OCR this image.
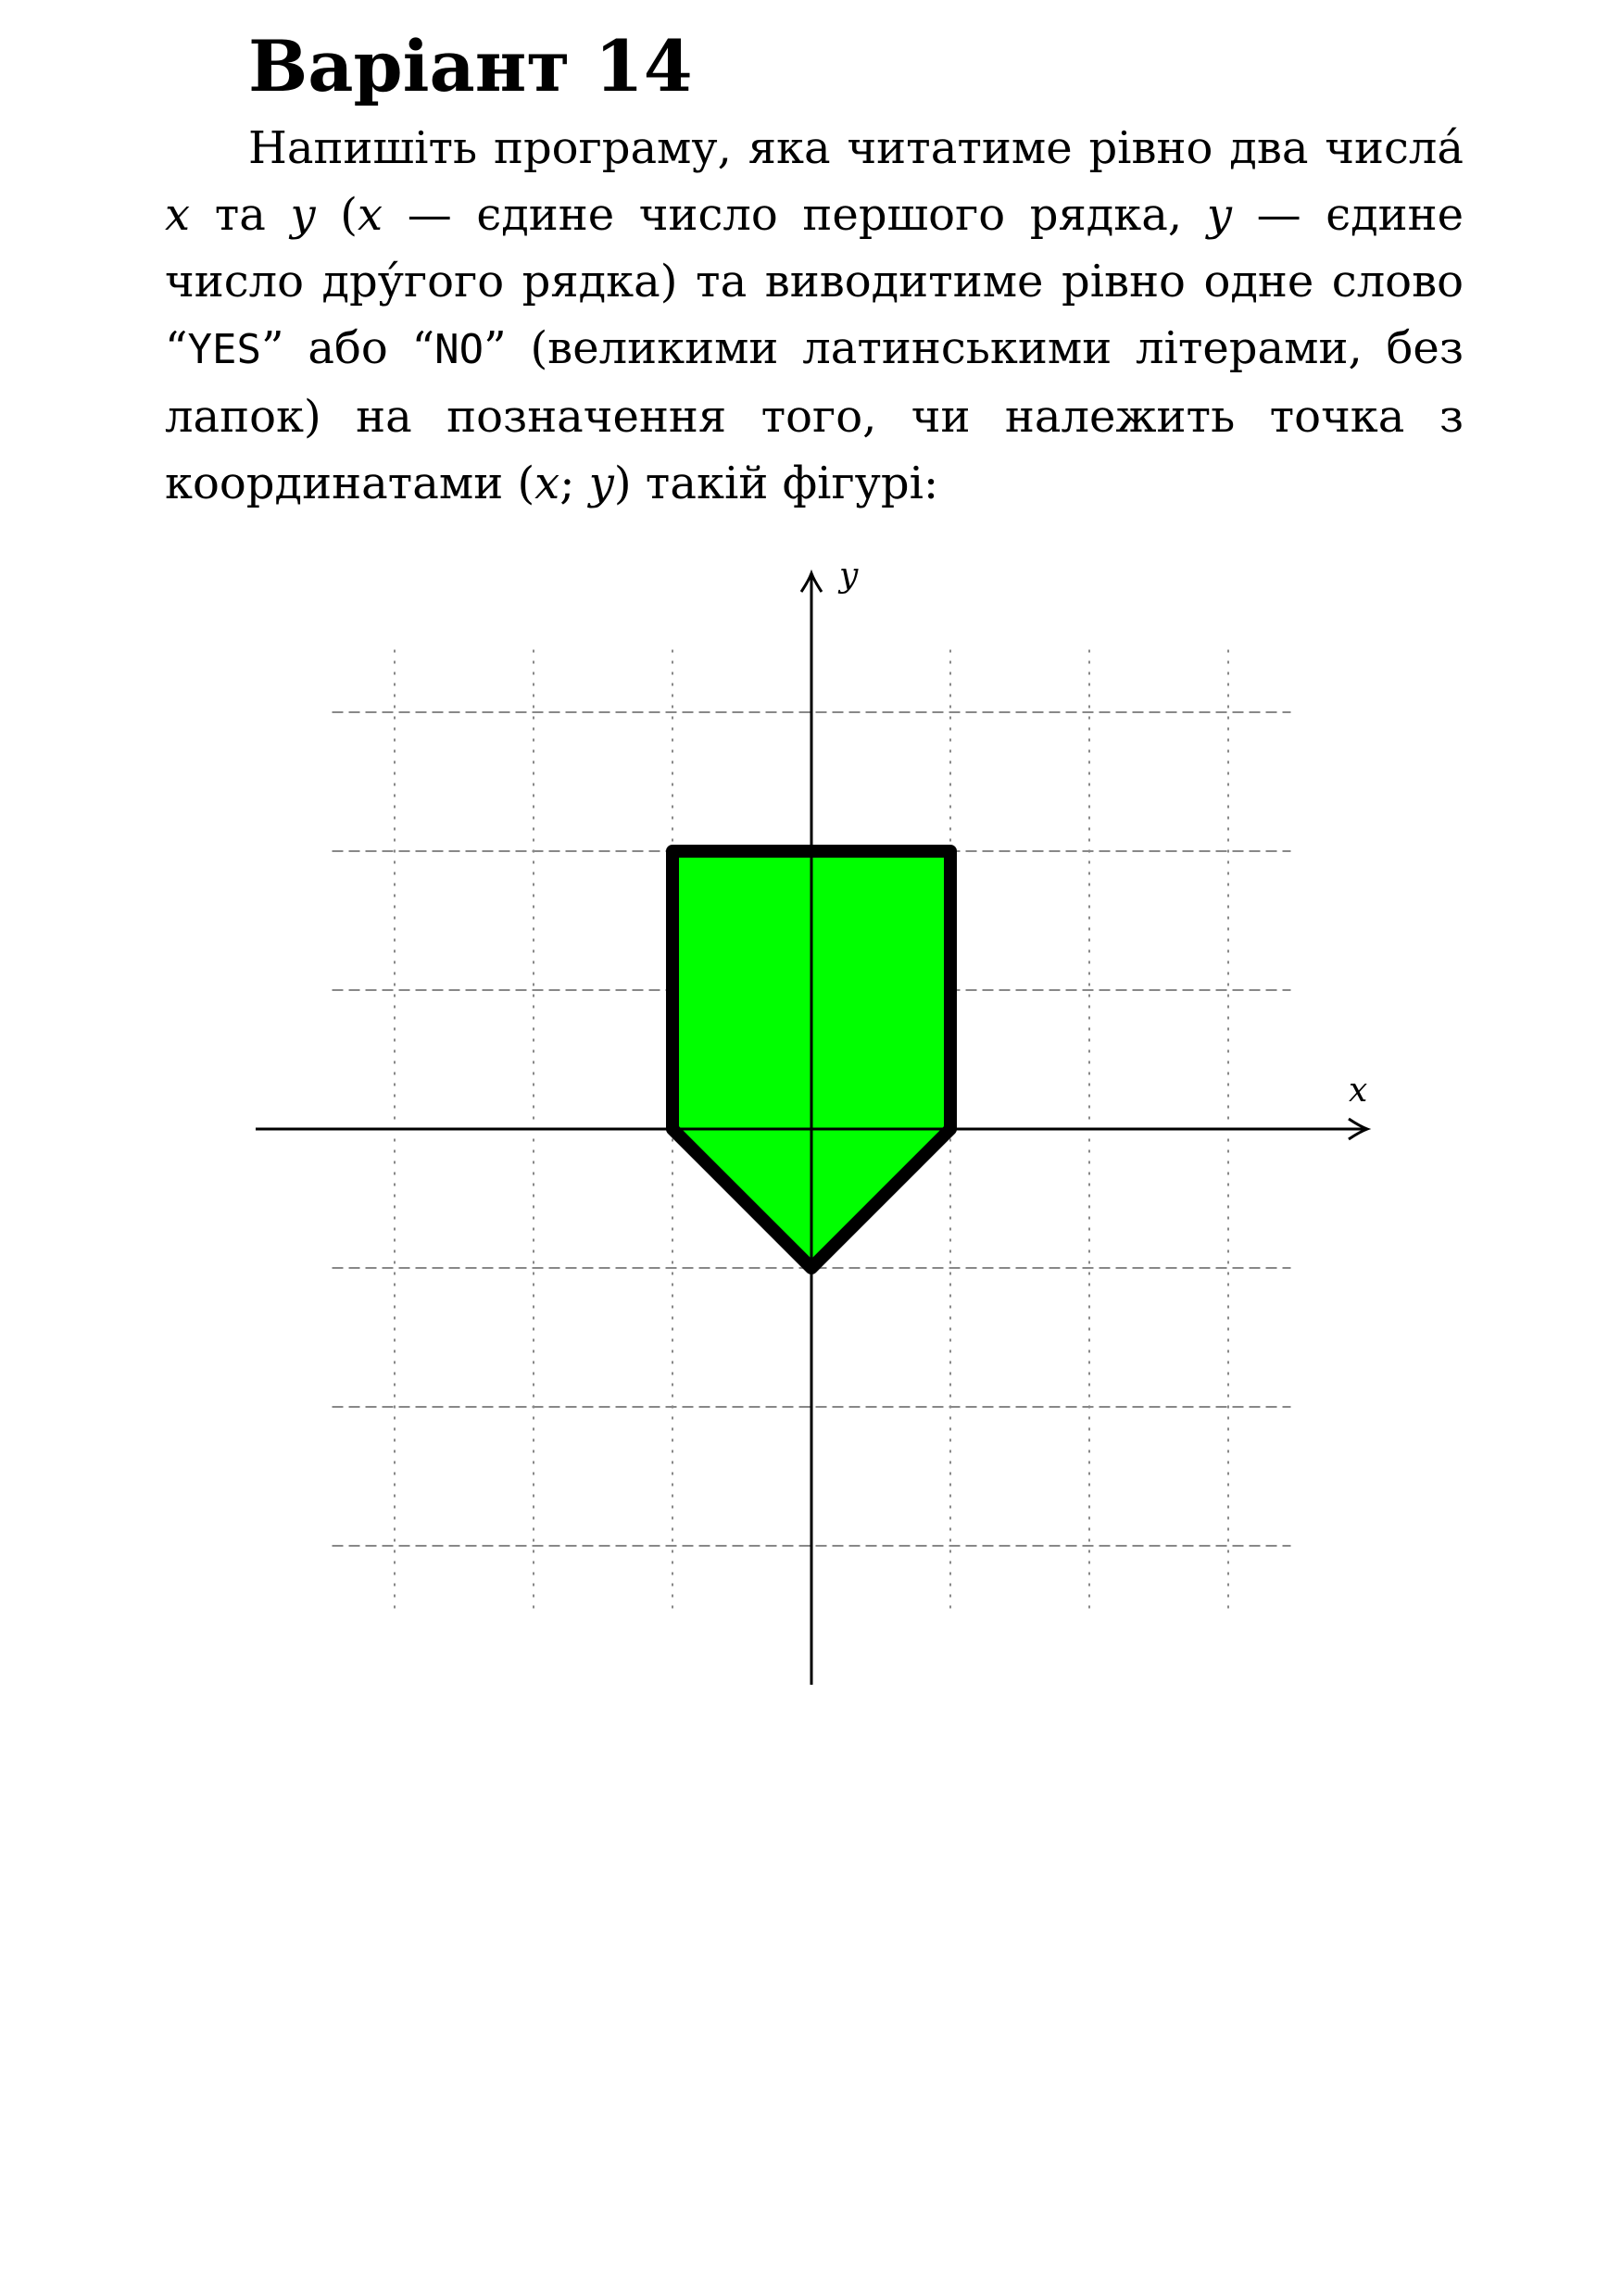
Варіант 14

Напишіть програму, яка читатиме рівно два числá x та y (x — єдине число першого рядка, y — єдине число дру́гого рядка) та виводитиме рівно одне слово “YES” або “NO” (великими латинськими літерами, без лапок) на позначення того, чи належить точка з координатами (x; y) такій фігурі:

x
y
